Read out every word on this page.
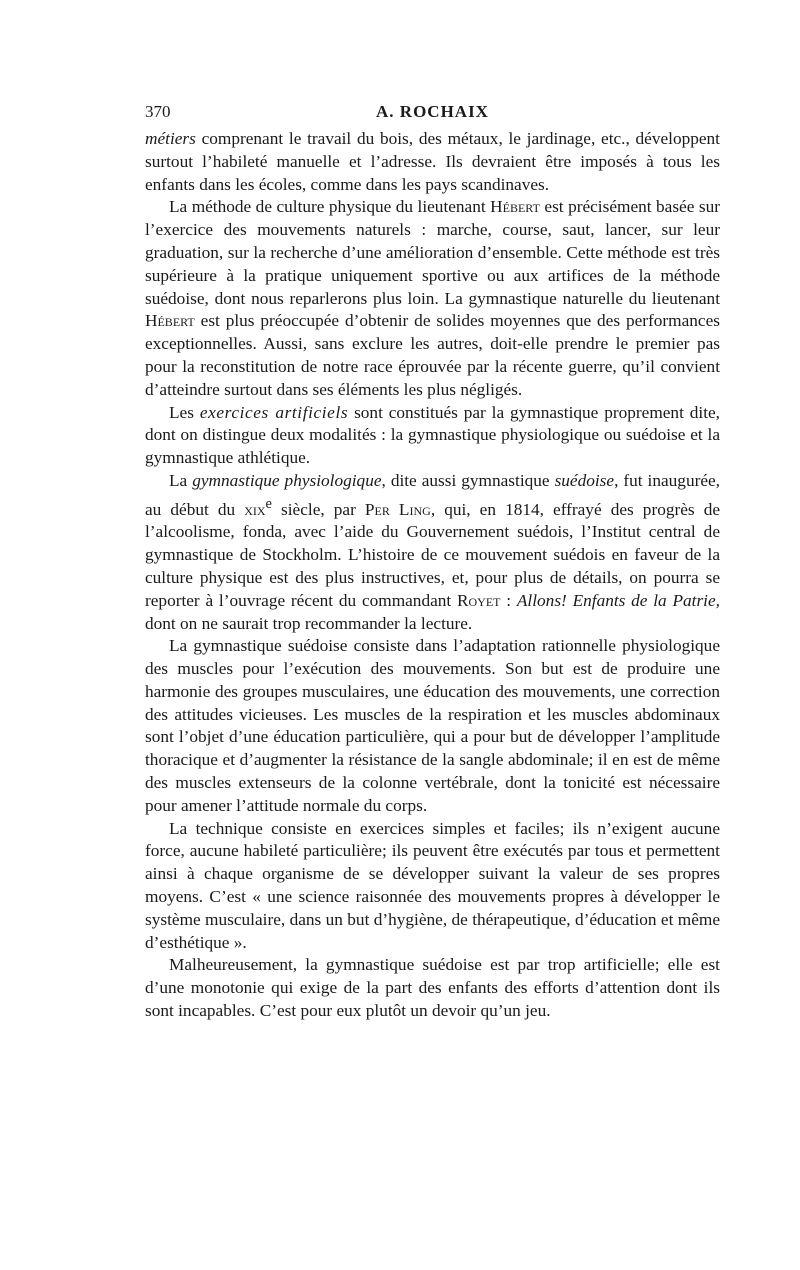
370	A. ROCHAIX

métiers comprenant le travail du bois, des métaux, le jardinage, etc., développent surtout l’habileté manuelle et l’adresse. Ils devraient être imposés à tous les enfants dans les écoles, comme dans les pays scandinaves.

La méthode de culture physique du lieutenant Hébert est précisément basée sur l’exercice des mouvements naturels : marche, course, saut, lancer, sur leur graduation, sur la recherche d’une amélioration d’ensemble. Cette méthode est très supérieure à la pratique uniquement sportive ou aux artifices de la méthode suédoise, dont nous reparlerons plus loin. La gymnastique naturelle du lieutenant Hébert est plus préoccupée d’obtenir de solides moyennes que des performances exceptionnelles. Aussi, sans exclure les autres, doit-elle prendre le premier pas pour la reconstitution de notre race éprouvée par la récente guerre, qu’il convient d’atteindre surtout dans ses éléments les plus négligés.

Les exercices artificiels sont constitués par la gymnastique proprement dite, dont on distingue deux modalités : la gymnastique physiologique ou suédoise et la gymnastique athlétique.

La gymnastique physiologique, dite aussi gymnastique suédoise, fut inaugurée, au début du xix$^e$ siècle, par Per Ling, qui, en 1814, effrayé des progrès de l’alcoolisme, fonda, avec l’aide du Gouvernement suédois, l’Institut central de gymnastique de Stockholm. L’histoire de ce mouvement suédois en faveur de la culture physique est des plus instructives, et, pour plus de détails, on pourra se reporter à l’ouvrage récent du commandant Royet : Allons! Enfants de la Patrie, dont on ne saurait trop recommander la lecture.

La gymnastique suédoise consiste dans l’adaptation rationnelle physiologique des muscles pour l’exécution des mouvements. Son but est de produire une harmonie des groupes musculaires, une éducation des mouvements, une correction des attitudes vicieuses. Les muscles de la respiration et les muscles abdominaux sont l’objet d’une éducation particulière, qui a pour but de développer l’amplitude thoracique et d’augmenter la résistance de la sangle abdominale; il en est de même des muscles extenseurs de la colonne vertébrale, dont la tonicité est nécessaire pour amener l’attitude normale du corps.

La technique consiste en exercices simples et faciles; ils n’exigent aucune force, aucune habileté particulière; ils peuvent être exécutés par tous et permettent ainsi à chaque organisme de se développer suivant la valeur de ses propres moyens. C’est « une science raisonnée des mouvements propres à développer le système musculaire, dans un but d’hygiène, de thérapeutique, d’éducation et même d’esthétique ».

Malheureusement, la gymnastique suédoise est par trop artificielle; elle est d’une monotonie qui exige de la part des enfants des efforts d’attention dont ils sont incapables. C’est pour eux plutôt un devoir qu’un jeu.
